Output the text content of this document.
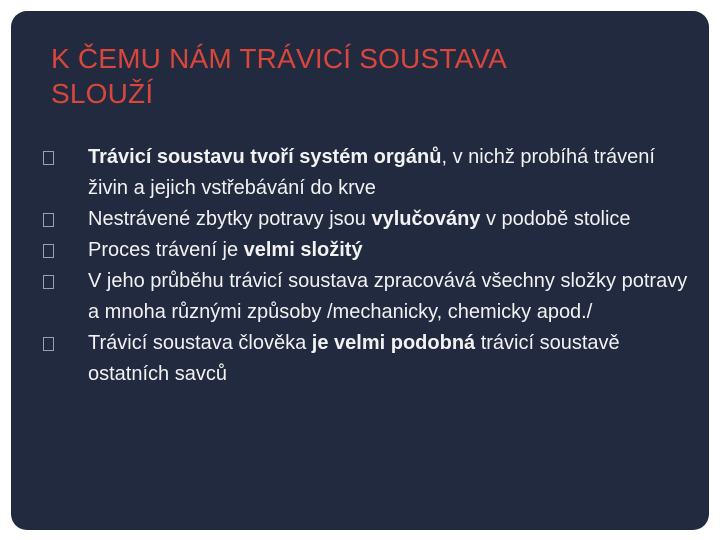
K ČEMU NÁM TRÁVICÍ SOUSTAVA
SLOUŽÍ
Trávicí soustavu tvoří systém orgánů, v nichž probíhá trávení živin a jejich vstřebávání do krve
Nestrávené zbytky potravy jsou vylučovány v podobě stolice
Proces trávení je velmi složitý
V jeho průběhu trávicí soustava zpracovává všechny složky potravy a mnoha různými způsoby /mechanicky, chemicky apod./
Trávicí soustava člověka je velmi podobná trávicí soustavě ostatních savců
